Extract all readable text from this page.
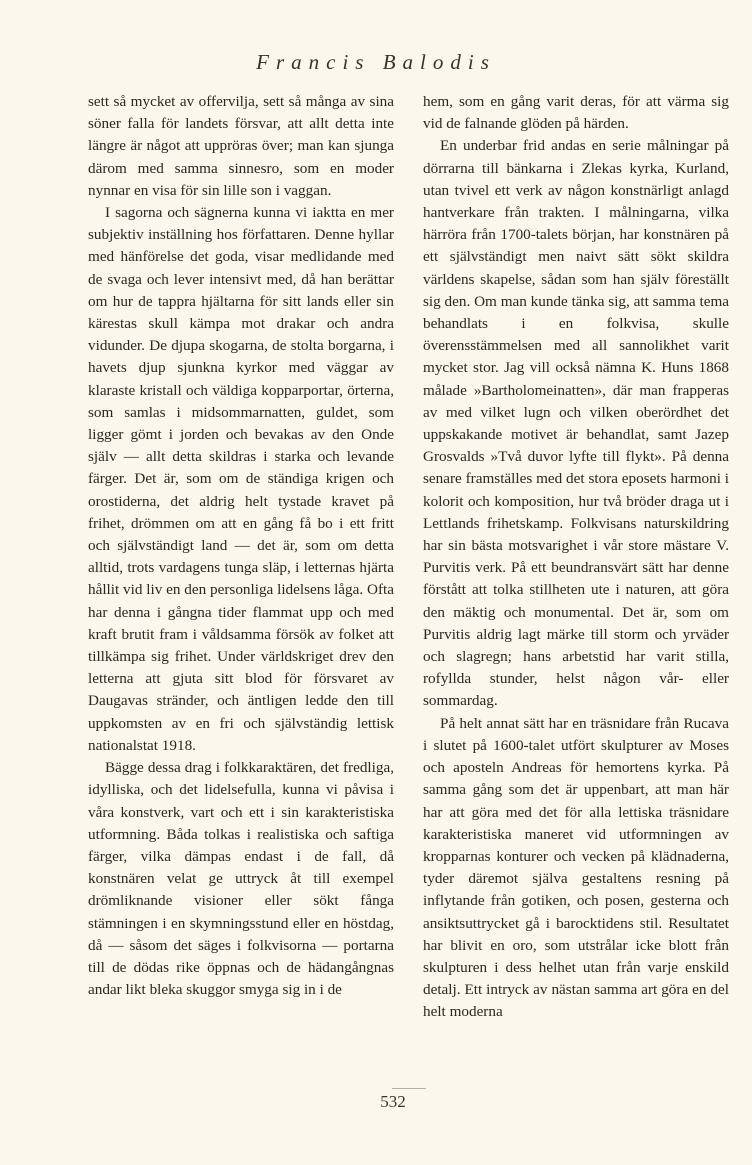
Francis Balodis

sett så mycket av offervilja, sett så många av sina söner falla för landets försvar, att allt detta inte längre är något att uppröras över; man kan sjunga därom med samma sinnesro, som en moder nynnar en visa för sin lille son i vaggan.

I sagorna och sägnerna kunna vi iaktta en mer subjektiv inställning hos författaren. Denne hyllar med hänförelse det goda, visar medlidande med de svaga och lever intensivt med, då han berättar om hur de tappra hjältarna för sitt lands eller sin kärestas skull kämpa mot drakar och andra vidunder. De djupa skogarna, de stolta borgarna, i havets djup sjunkna kyrkor med väggar av klaraste kristall och väldiga kopparportar, örterna, som samlas i midsommarnatten, guldet, som ligger gömt i jorden och bevakas av den Onde själv — allt detta skildras i starka och levande färger. Det är, som om de ständiga krigen och orostiderna, det aldrig helt tystade kravet på frihet, drömmen om att en gång få bo i ett fritt och självständigt land — det är, som om detta alltid, trots vardagens tunga släp, i letternas hjärta hållit vid liv en den personliga lidelsens låga. Ofta har denna i gångna tider flammat upp och med kraft brutit fram i våldsamma försök av folket att tillkämpa sig frihet. Under världskriget drev den letterna att gjuta sitt blod för försvaret av Daugavas stränder, och äntligen ledde den till uppkomsten av en fri och självständig lettisk nationalstat 1918.

Bägge dessa drag i folkkaraktären, det fredliga, idylliska, och det lidelsefulla, kunna vi påvisa i våra konstverk, vart och ett i sin karakteristiska utformning. Båda tolkas i realistiska och saftiga färger, vilka dämpas endast i de fall, då konstnären velat ge uttryck åt till exempel drömliknande visioner eller sökt fånga stämningen i en skymningsstund eller en höstdag, då — såsom det säges i folkvisorna — portarna till de dödas rike öppnas och de hädangångnas andar likt bleka skuggor smyga sig in i de

hem, som en gång varit deras, för att värma sig vid de falnande glöden på härden.

En underbar frid andas en serie målningar på dörrarna till bänkarna i Zlekas kyrka, Kurland, utan tvivel ett verk av någon konstnärligt anlagd hantverkare från trakten. I målningarna, vilka härröra från 1700-talets början, har konstnären på ett självständigt men naivt sätt sökt skildra världens skapelse, sådan som han själv föreställt sig den. Om man kunde tänka sig, att samma tema behandlats i en folkvisa, skulle överensstämmelsen med all sannolikhet varit mycket stor. Jag vill också nämna K. Huns 1868 målade »Bartholomeinatten», där man frapperas av med vilket lugn och vilken oberördhet det uppskakande motivet är behandlat, samt Jazep Grosvalds »Två duvor lyfte till flykt». På denna senare framställes med det stora eposets harmoni i kolorit och komposition, hur två bröder draga ut i Lettlands frihetskamp. Folkvisans naturskildring har sin bästa motsvarighet i vår store mästare V. Purvitis verk. På ett beundransvärt sätt har denne förstått att tolka stillheten ute i naturen, att göra den mäktig och monumental. Det är, som om Purvitis aldrig lagt märke till storm och yrväder och slagregn; hans arbetstid har varit stilla, rofyllda stunder, helst någon vår- eller sommardag.

På helt annat sätt har en träsnidare från Rucava i slutet på 1600-talet utfört skulpturer av Moses och aposteln Andreas för hemortens kyrka. På samma gång som det är uppenbart, att man här har att göra med det för alla lettiska träsnidare karakteristiska maneret vid utformningen av kropparnas konturer och vecken på klädnaderna, tyder däremot själva gestaltens resning på inflytande från gotiken, och posen, gesterna och ansiktsuttrycket gå i barocktidens stil. Resultatet har blivit en oro, som utstrålar icke blott från skulpturen i dess helhet utan från varje enskild detalj. Ett intryck av nästan samma art göra en del helt moderna

532
